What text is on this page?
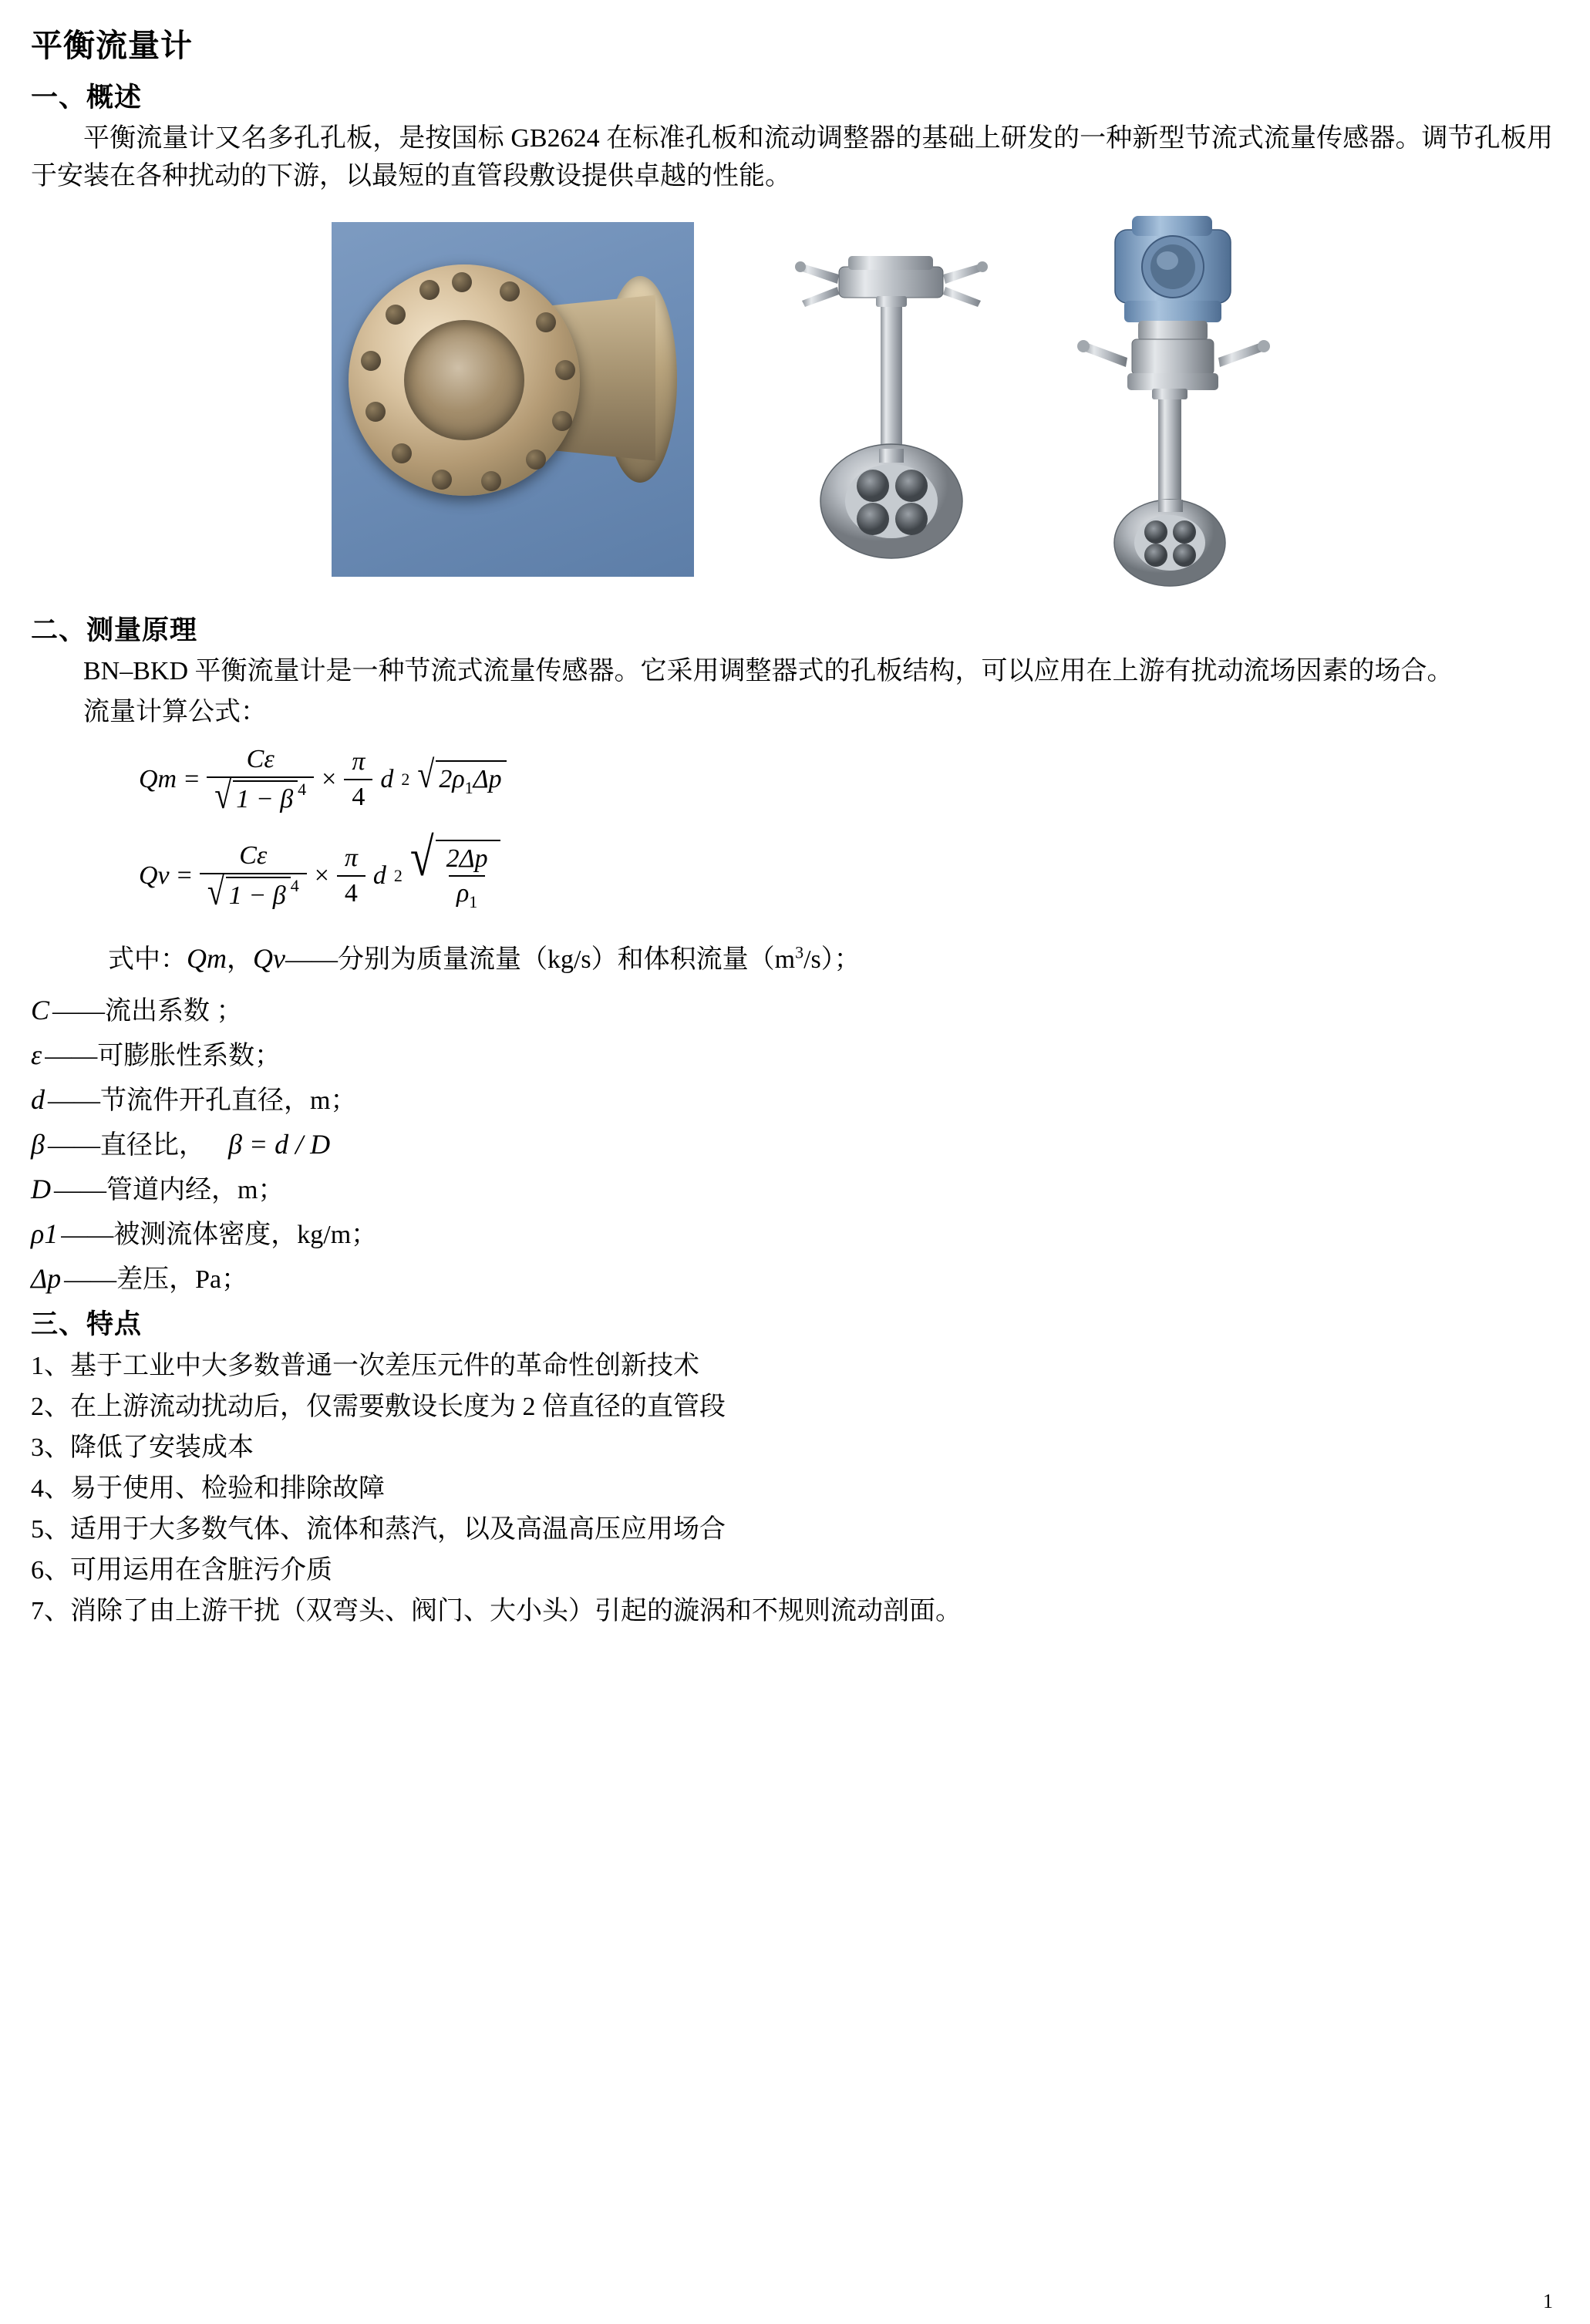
平衡流量计
一、概述

平衡流量计又名多孔孔板，是按国标 GB2624 在标准孔板和流动调整器的基础上研发的一种新型节流式流量传感器。调节孔板用于安装在各种扰动的下游，以最短的直管段敷设提供卓越的性能。

二、测量原理

BN–BKD 平衡流量计是一种节流式流量传感器。它采用调整器式的孔板结构，可以应用在上游有扰动流场因素的场合。

流量计算公式：

$Qm = \frac{C\varepsilon}{√ 1 - \beta 4} \times \frac{\pi}{4}$ d 2 √ $2\rho_1\Delta p$
$Qv = \frac{C\varepsilon}{√ 1 - \beta 4} \times \frac{\pi}{4}$ d 2 √ $\frac{2\Delta p}{\rho_1}$
式中：Qm，Qv——分别为质量流量（kg/s）和体积流量$(m^3/s)$；
C ——流出系数 ；
ε ——可膨胀性系数；
d ——节流件开孔直径，m；
β ——直径比， β = d / D
D ——管道内经，m；
ρ1 ——被测流体密度，kg/m；
Δp ——差压，Pa；
三、特点
1、基于工业中大多数普通一次差压元件的革命性创新技术
2、在上游流动扰动后，仅需要敷设长度为 2 倍直径的直管段
3、降低了安装成本
4、易于使用、检验和排除故障
5、适用于大多数气体、流体和蒸汽，以及高温高压应用场合
6、可用运用在含脏污介质
7、消除了由上游干扰（双弯头、阀门、大小头）引起的漩涡和不规则流动剖面。
1
